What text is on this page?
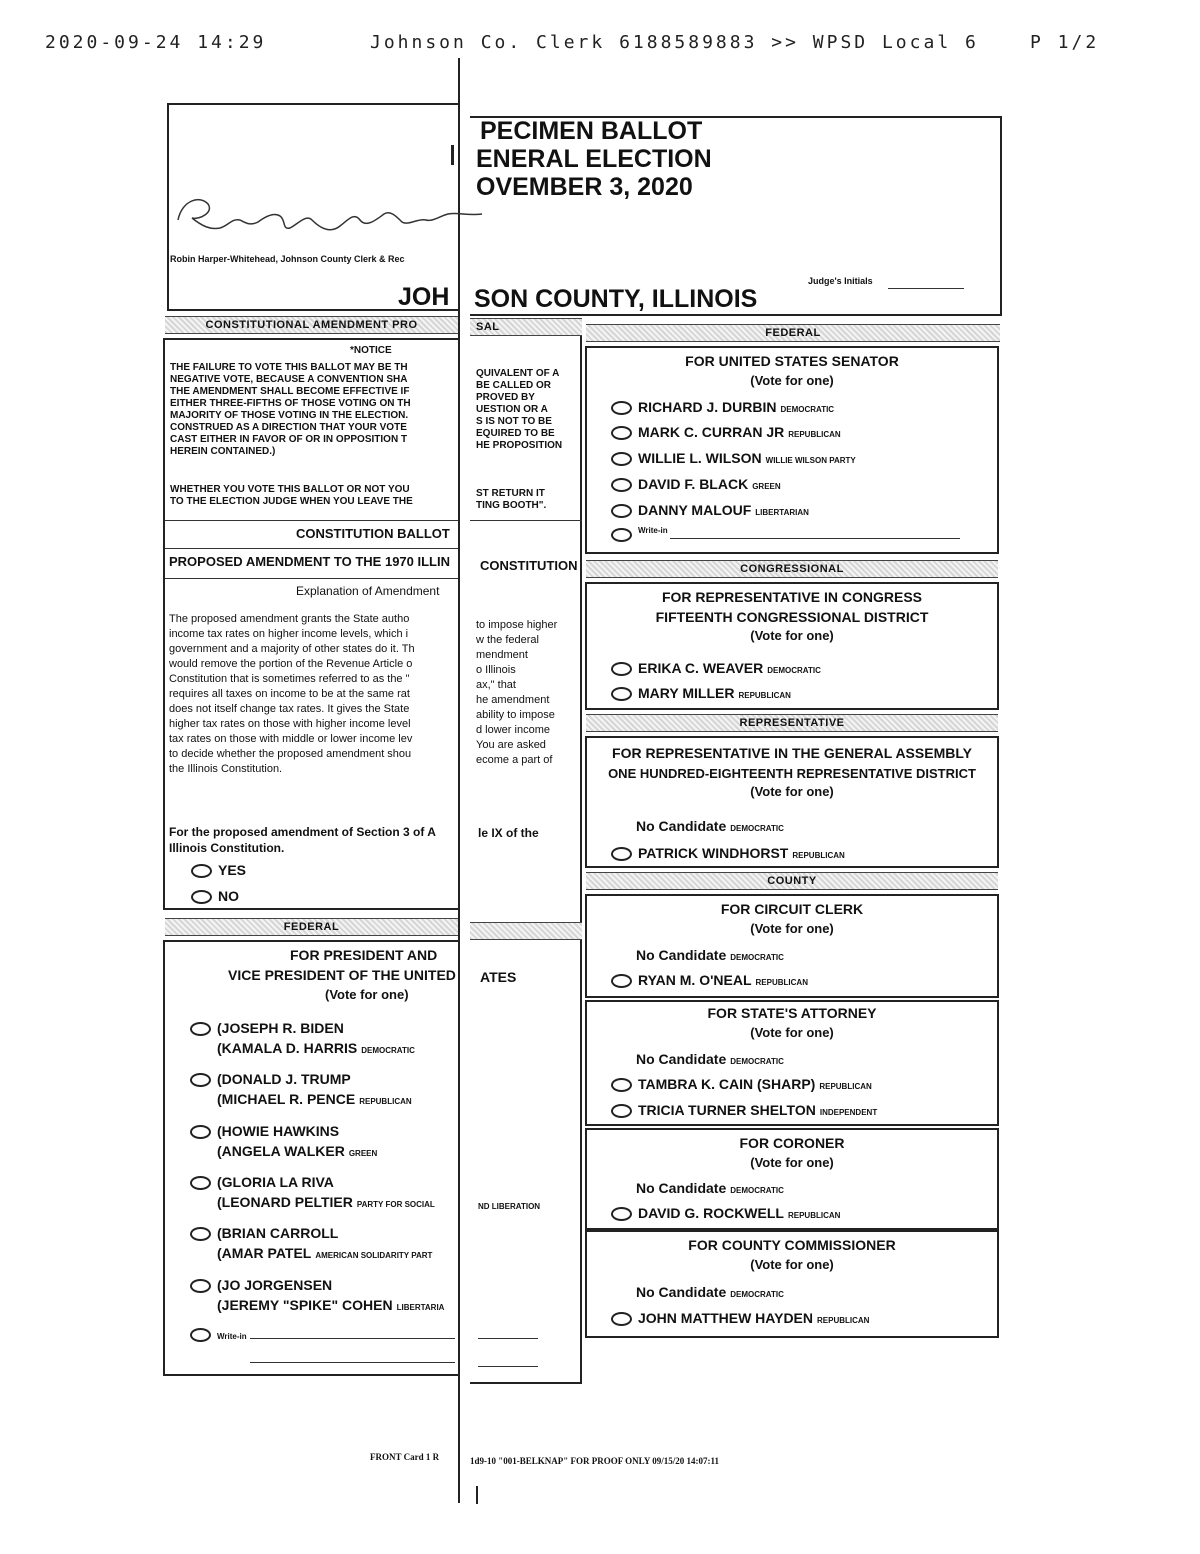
2020-09-24 14:29	Johnson Co. Clerk 6188589883 >> WPSD Local 6	P 1/2
PECIMEN BALLOT
ENERAL ELECTION
OVEMBER 3, 2020
Robin Harper-Whitehead, Johnson County Clerk & Rec
Judge's Initials
JOH SON COUNTY, ILLINOIS
CONSTITUTIONAL AMENDMENT PRO	SAL	FEDERAL
*NOTICE
THE FAILURE TO VOTE THIS BALLOT MAY BE TH
NEGATIVE VOTE, BECAUSE A CONVENTION SHA
THE AMENDMENT SHALL BECOME EFFECTIVE IF
EITHER THREE-FIFTHS OF THOSE VOTING ON TH
MAJORITY OF THOSE VOTING IN THE ELECTION.
CONSTRUED AS A DIRECTION THAT YOUR VOTE
CAST EITHER IN FAVOR OF OR IN OPPOSITION T
HEREIN CONTAINED.)
QUIVALENT OF A
BE CALLED OR
PROVED BY
UESTION OR A
S IS NOT TO BE
EQUIRED TO BE
HE PROPOSITION
WHETHER YOU VOTE THIS BALLOT OR NOT YOU
TO THE ELECTION JUDGE WHEN YOU LEAVE THE
ST RETURN IT
TING BOOTH".
CONSTITUTION BALLOT
PROPOSED AMENDMENT TO THE 1970 ILLIN CONSTITUTION
Explanation of Amendment
The proposed amendment grants the State autho
income tax rates on higher income levels, which i
government and a majority of other states do it. Th
would remove the portion of the Revenue Article o
Constitution that is sometimes referred to as the "
requires all taxes on income to be at the same rat
does not itself change tax rates. It gives the State
higher tax rates on those with higher income level
tax rates on those with middle or lower income lev
to decide whether the proposed amendment shou
the Illinois Constitution.
to impose higher
w the federal
mendment
o Illinois
ax," that
he amendment
ability to impose
d lower income
You are asked
ecome a part of
For the proposed amendment of Section 3 of A
Illinois Constitution.
le IX of the
YES
NO
FEDERAL
FOR PRESIDENT AND
VICE PRESIDENT OF THE UNITED ATES
(Vote for one)
(JOSEPH R. BIDEN
(KAMALA D. HARRIS DEMOCRATIC
(DONALD J. TRUMP
(MICHAEL R. PENCE REPUBLICAN
(HOWIE HAWKINS
(ANGELA WALKER GREEN
(GLORIA LA RIVA
(LEONARD PELTIER PARTY FOR SOCIAL	ND LIBERATION
(BRIAN CARROLL
(AMAR PATEL AMERICAN SOLIDARITY PART
(JO JORGENSEN
(JEREMY "SPIKE" COHEN LIBERTARIA
Write-in
FOR UNITED STATES SENATOR
(Vote for one)
RICHARD J. DURBIN DEMOCRATIC
MARK C. CURRAN JR REPUBLICAN
WILLIE L. WILSON WILLIE WILSON PARTY
DAVID F. BLACK GREEN
DANNY MALOUF LIBERTARIAN
$^{Write-in}$
CONGRESSIONAL
FOR REPRESENTATIVE IN CONGRESS
FIFTEENTH CONGRESSIONAL DISTRICT
(Vote for one)
ERIKA C. WEAVER DEMOCRATIC
MARY MILLER REPUBLICAN
REPRESENTATIVE
FOR REPRESENTATIVE IN THE GENERAL ASSEMBLY
ONE HUNDRED-EIGHTEENTH REPRESENTATIVE DISTRICT
(Vote for one)
No Candidate DEMOCRATIC
PATRICK WINDHORST REPUBLICAN
COUNTY
FOR CIRCUIT CLERK
(Vote for one)
No Candidate DEMOCRATIC
RYAN M. O'NEAL REPUBLICAN
FOR STATE'S ATTORNEY
(Vote for one)
No Candidate DEMOCRATIC
TAMBRA K. CAIN (SHARP) REPUBLICAN
TRICIA TURNER SHELTON INDEPENDENT
FOR CORONER
(Vote for one)
No Candidate DEMOCRATIC
DAVID G. ROCKWELL REPUBLICAN
FOR COUNTY COMMISSIONER
(Vote for one)
No Candidate DEMOCRATIC
JOHN MATTHEW HAYDEN REPUBLICAN
FRONT Card 1 R	1d9-10 "001-BELKNAP" FOR PROOF ONLY 09/15/20 14:07:11
